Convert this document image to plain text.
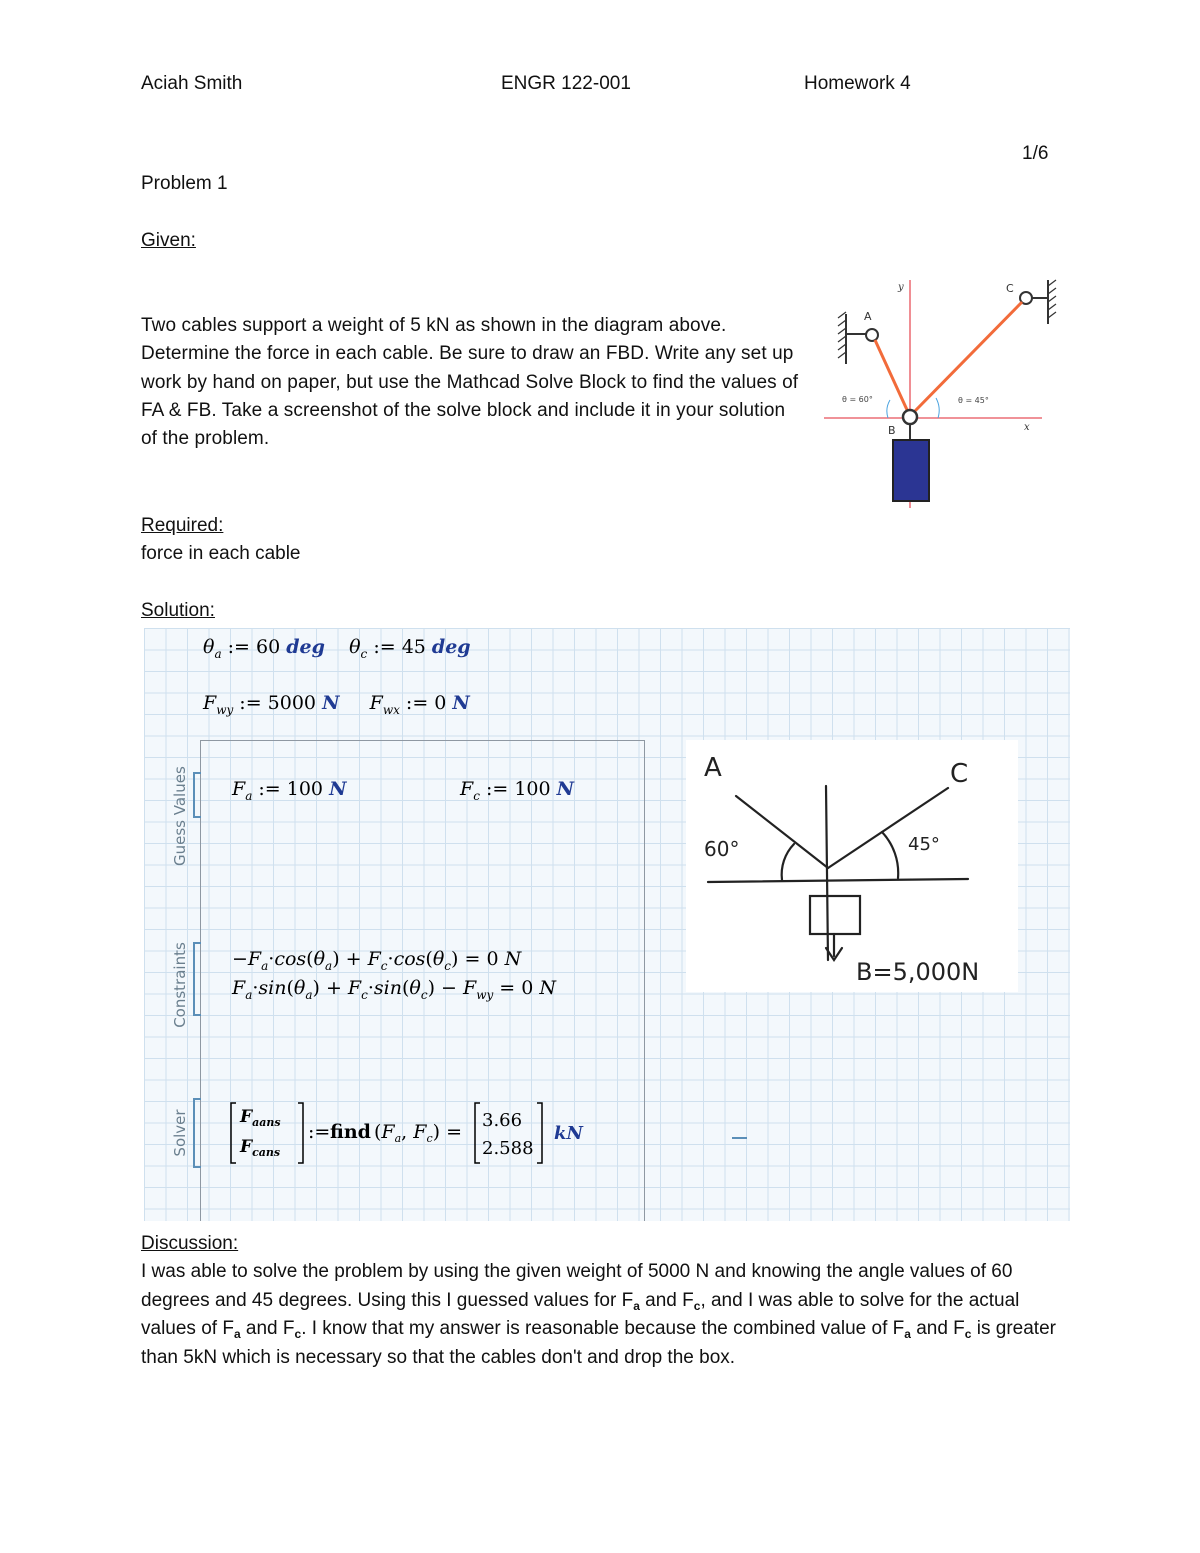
Aciah Smith	ENGR 122-001	Homework 4
1/6
Problem 1
Given:
Two cables support a weight of 5 kN as shown in the diagram above. Determine the force in each cable. Be sure to draw an FBD. Write any set up work by hand on paper, but use the Mathcad Solve Block to find the values of FA & FB. Take a screenshot of the solve block and include it in your solution of the problem.
y
x
A
C
θ = 60°	θ = 45°
B
Required:
force in each cable
Solution:
$\theta_a$ := 60 deg $\theta_c$ := 45 deg
$F_{wy}$ := 5000 N $F_{wx}$ := 0 N
Guess Values
Constraints
Solver
$F_a$ := 100 N	$F_c$ := 100 N
$-F_a\cdot\cos(\theta_a) + F_c\cdot\cos(\theta_c) = 0$ N
$F_a\cdot\sin(\theta_a) + F_c\cdot\sin(\theta_c) - F_{wy} = 0$ N
$F_{aans}$
$F_{cans}$
:= find ($F_a$, $F_c$) =
3.66
2.588
kN
A	C
60°	45°
B=5,000N
Discussion:
I was able to solve the problem by using the given weight of 5000 N and knowing the angle values of 60 degrees and 45 degrees. Using this I guessed values for $F_a$ and $F_c$, and I was able to solve for the actual values of $F_a$ and $F_c$. I know that my answer is reasonable because the combined value of $F_a$ and $F_c$ is greater than 5kN which is necessary so that the cables don't and drop the box.
